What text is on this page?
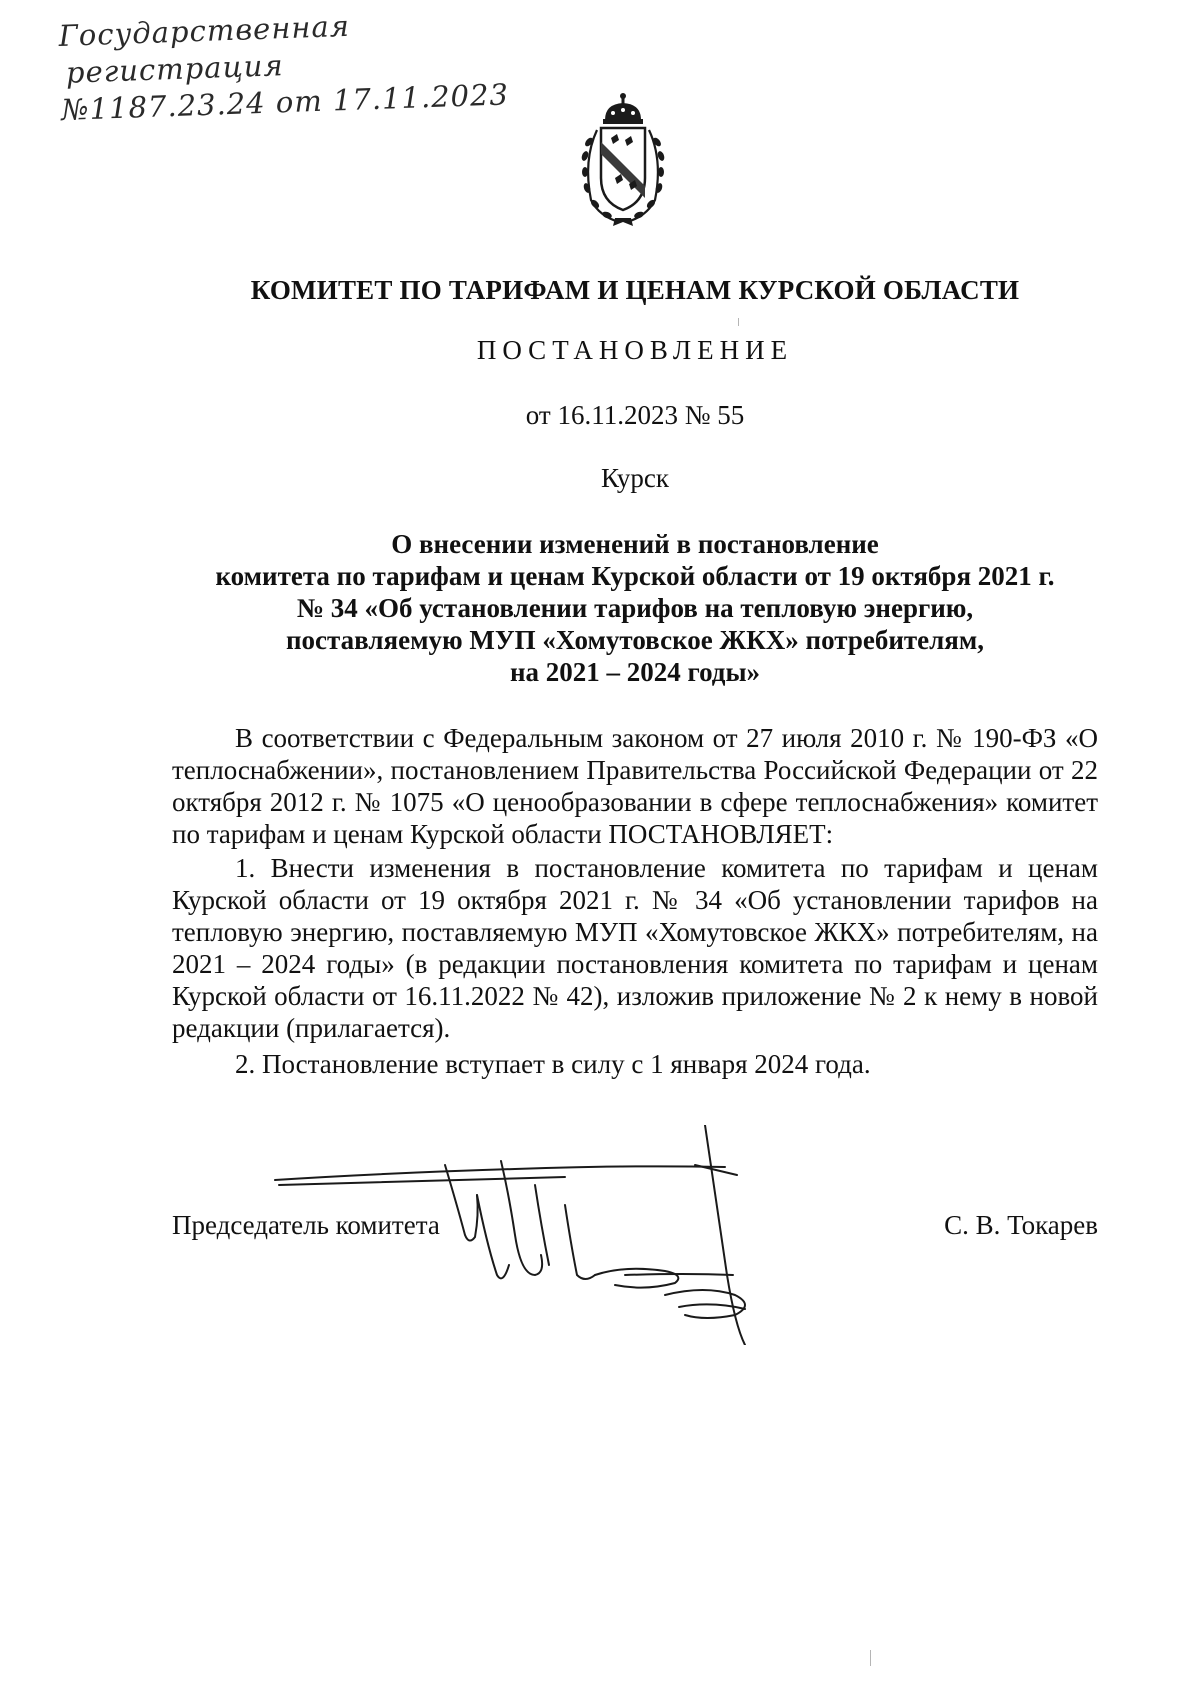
Государственная
регистрация
№1187.23.24 от 17.11.2023
КОМИТЕТ ПО ТАРИФАМ И ЦЕНАМ КУРСКОЙ ОБЛАСТИ
ПОСТАНОВЛЕНИЕ
от 16.11.2023 № 55
Курск
О внесении изменений в постановление
комитета по тарифам и ценам Курской области от 19 октября 2021 г.
№ 34 «Об установлении тарифов на тепловую энергию,
поставляемую МУП «Хомутовское ЖКХ» потребителям,
на 2021 – 2024 годы»

В соответствии с Федеральным законом от 27 июля 2010 г. № 190-ФЗ «О теплоснабжении», постановлением Правительства Российской Федерации от 22 октября 2012 г. № 1075 «О ценообразовании в сфере теплоснабжения» комитет по тарифам и ценам Курской области ПОСТАНОВЛЯЕТ:

1. Внести изменения в постановление комитета по тарифам и ценам Курской области от 19 октября 2021 г. № 34 «Об установлении тарифов на тепловую энергию, поставляемую МУП «Хомутовское ЖКХ» потребителям, на 2021 – 2024 годы» (в редакции постановления комитета по тарифам и ценам Курской области от 16.11.2022 № 42), изложив приложение № 2 к нему в новой редакции (прилагается).

2. Постановление вступает в силу с 1 января 2024 года.

Председатель комитета	С. В. Токарев
